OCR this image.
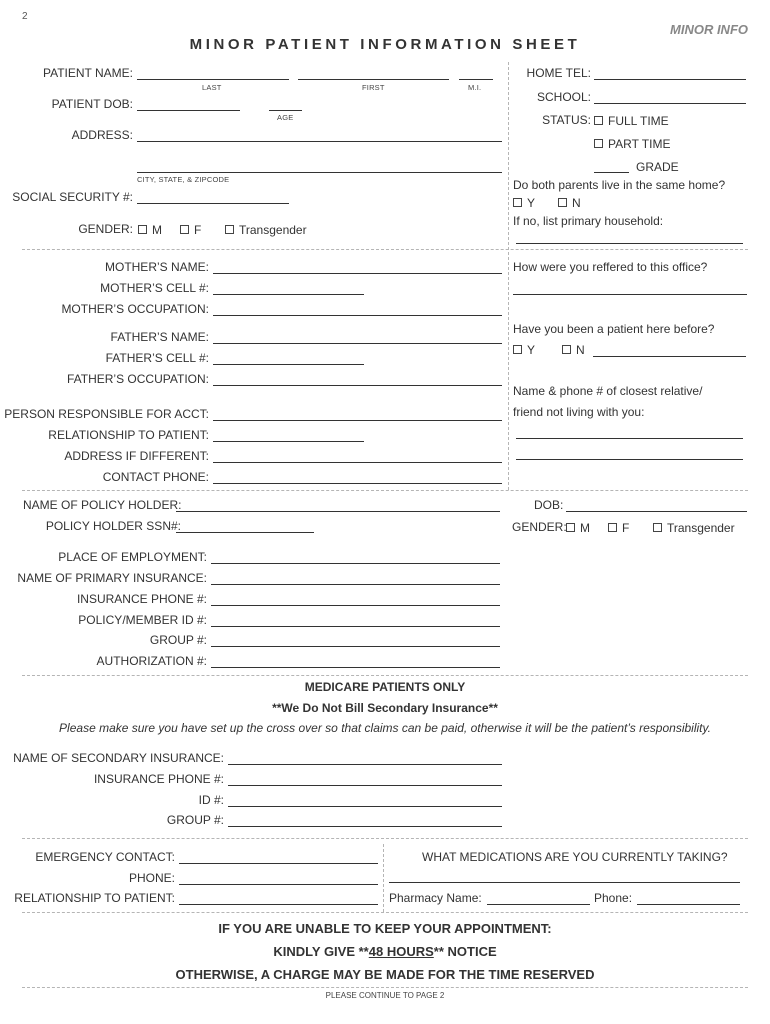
2
MINOR INFO
MINOR PATIENT INFORMATION SHEET
PATIENT NAME:
LAST	FIRST	M.I.
PATIENT DOB:
AGE
ADDRESS:
CITY, STATE, & ZIPCODE
SOCIAL SECURITY #:
GENDER:	M	F	Transgender
HOME TEL:
SCHOOL:
STATUS:	FULL TIME
PART TIME
GRADE
Do both parents live in the same home?
Y	N
If no, list primary household:
MOTHER’S NAME:
MOTHER’S CELL #:
MOTHER’S OCCUPATION:
FATHER’S NAME:
FATHER’S CELL #:
FATHER’S OCCUPATION:
PERSON RESPONSIBLE FOR ACCT:
RELATIONSHIP TO PATIENT:
ADDRESS IF DIFFERENT:
CONTACT PHONE:
How were you reffered to this office?
Have you been a patient here before?
Y	N
Name & phone # of closest relative/
friend not living with you:
NAME OF POLICY HOLDER:
POLICY HOLDER SSN#:
DOB:
GENDER:	M	F	Transgender
PLACE OF EMPLOYMENT:
NAME OF PRIMARY INSURANCE:
INSURANCE PHONE #:
POLICY/MEMBER ID #:
GROUP #:
AUTHORIZATION #:
MEDICARE PATIENTS ONLY
**We Do Not Bill Secondary Insurance**
Please make sure you have set up the cross over so that claims can be paid, otherwise it will be the patient’s responsibility.
NAME OF SECONDARY INSURANCE:
INSURANCE PHONE #:
ID #:
GROUP #:
EMERGENCY CONTACT:
PHONE:
RELATIONSHIP TO PATIENT:
WHAT MEDICATIONS ARE YOU CURRENTLY TAKING?
Pharmacy Name:	Phone:
IF YOU ARE UNABLE TO KEEP YOUR APPOINTMENT:
KINDLY GIVE **48 HOURS** NOTICE
OTHERWISE, A CHARGE MAY BE MADE FOR THE TIME RESERVED
PLEASE CONTINUE TO PAGE 2
